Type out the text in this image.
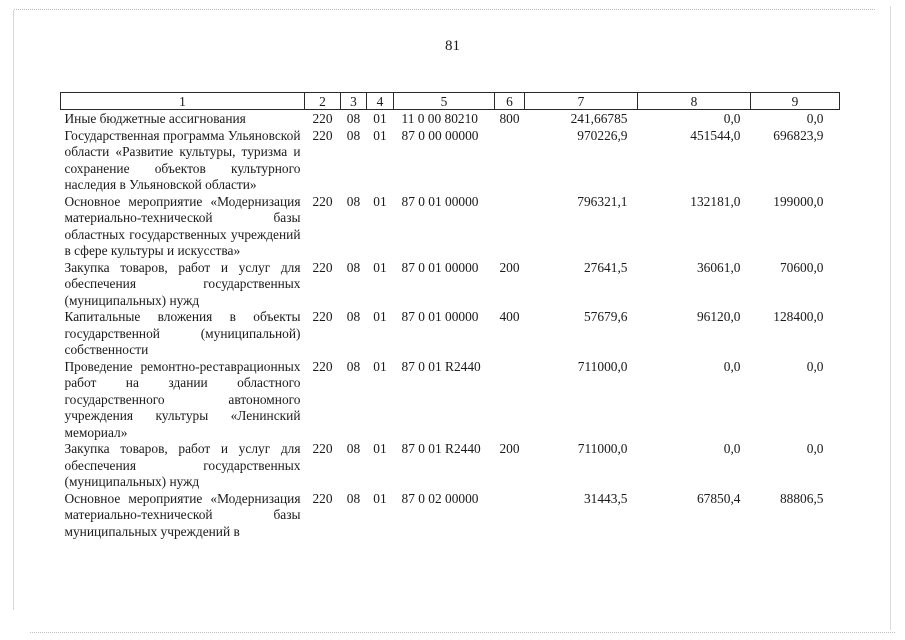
81
1	2	3	4	5	6	7	8	9
Иные бюджетные ассигнования	220	08	01	11 0 00 80210	800	241,66785	0,0	0,0
Государственная программа Ульяновской области «Развитие культуры, туризма и сохранение объектов культурного наследия в Ульяновской области»	220	08	01	87 0 00 00000		970226,9	451544,0	696823,9
Основное мероприятие «Модернизация материально-технической базы областных государственных учреждений в сфере культуры и искусства»	220	08	01	87 0 01 00000		796321,1	132181,0	199000,0
Закупка товаров, работ и услуг для обеспечения государственных (муниципальных) нужд	220	08	01	87 0 01 00000	200	27641,5	36061,0	70600,0
Капитальные вложения в объекты государственной (муниципальной) собственности	220	08	01	87 0 01 00000	400	57679,6	96120,0	128400,0
Проведение ремонтно-реставрационных работ на здании областного государственного автономного учреждения культуры «Ленинский мемориал»	220	08	01	87 0 01 R2440		711000,0	0,0	0,0
Закупка товаров, работ и услуг для обеспечения государственных (муниципальных) нужд	220	08	01	87 0 01 R2440	200	711000,0	0,0	0,0
Основное мероприятие «Модернизация материально-технической базы муниципальных учреждений в	220	08	01	87 0 02 00000		31443,5	67850,4	88806,5
